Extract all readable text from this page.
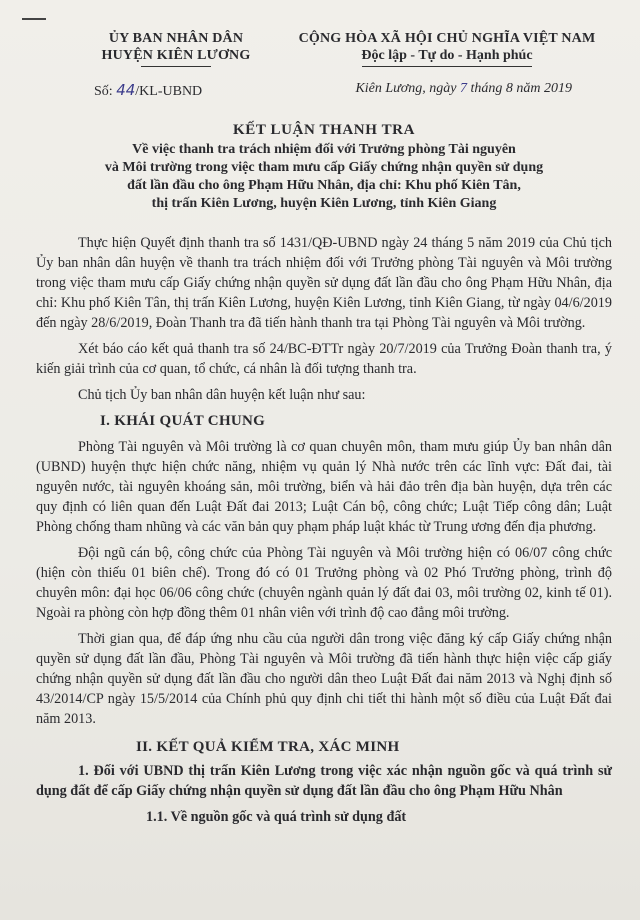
ỦY BAN NHÂN DÂN
HUYỆN KIÊN LƯƠNG
CỘNG HÒA XÃ HỘI CHỦ NGHĨA VIỆT NAM
Độc lập - Tự do - Hạnh phúc
Số: 44/KL-UBND	Kiên Lương, ngày 7 tháng 8 năm 2019
KẾT LUẬN THANH TRA
Về việc thanh tra trách nhiệm đối với Trưởng phòng Tài nguyên
và Môi trường trong việc tham mưu cấp Giấy chứng nhận quyền sử dụng
đất lần đầu cho ông Phạm Hữu Nhân, địa chỉ: Khu phố Kiên Tân,
thị trấn Kiên Lương, huyện Kiên Lương, tỉnh Kiên Giang

Thực hiện Quyết định thanh tra số 1431/QĐ-UBND ngày 24 tháng 5 năm 2019 của Chủ tịch Ủy ban nhân dân huyện về thanh tra trách nhiệm đối với Trưởng phòng Tài nguyên và Môi trường trong việc tham mưu cấp Giấy chứng nhận quyền sử dụng đất lần đầu cho ông Phạm Hữu Nhân, địa chỉ: Khu phố Kiên Tân, thị trấn Kiên Lương, huyện Kiên Lương, tỉnh Kiên Giang, từ ngày 04/6/2019 đến ngày 28/6/2019, Đoàn Thanh tra đã tiến hành thanh tra tại Phòng Tài nguyên và Môi trường.

Xét báo cáo kết quả thanh tra số 24/BC-ĐTTr ngày 20/7/2019 của Trưởng Đoàn thanh tra, ý kiến giải trình của cơ quan, tổ chức, cá nhân là đối tượng thanh tra.

Chủ tịch Ủy ban nhân dân huyện kết luận như sau:

I. KHÁI QUÁT CHUNG

Phòng Tài nguyên và Môi trường là cơ quan chuyên môn, tham mưu giúp Ủy ban nhân dân (UBND) huyện thực hiện chức năng, nhiệm vụ quản lý Nhà nước trên các lĩnh vực: Đất đai, tài nguyên nước, tài nguyên khoáng sản, môi trường, biển và hải đảo trên địa bàn huyện, dựa trên các quy định có liên quan đến Luật Đất đai 2013; Luật Cán bộ, công chức; Luật Tiếp công dân; Luật Phòng chống tham nhũng và các văn bản quy phạm pháp luật khác từ Trung ương đến địa phương.

Đội ngũ cán bộ, công chức của Phòng Tài nguyên và Môi trường hiện có 06/07 công chức (hiện còn thiếu 01 biên chế). Trong đó có 01 Trưởng phòng và 02 Phó Trưởng phòng, trình độ chuyên môn: đại học 06/06 công chức (chuyên ngành quản lý đất đai 03, môi trường 02, kinh tế 01). Ngoài ra phòng còn hợp đồng thêm 01 nhân viên với trình độ cao đẳng môi trường.

Thời gian qua, để đáp ứng nhu cầu của người dân trong việc đăng ký cấp Giấy chứng nhận quyền sử dụng đất lần đầu, Phòng Tài nguyên và Môi trường đã tiến hành thực hiện việc cấp giấy chứng nhận quyền sử dụng đất lần đầu cho người dân theo Luật Đất đai năm 2013 và Nghị định số 43/2014/CP ngày 15/5/2014 của Chính phủ quy định chi tiết thi hành một số điều của Luật Đất đai năm 2013.

II. KẾT QUẢ KIỂM TRA, XÁC MINH

1. Đối với UBND thị trấn Kiên Lương trong việc xác nhận nguồn gốc và quá trình sử dụng đất để cấp Giấy chứng nhận quyền sử dụng đất lần đầu cho ông Phạm Hữu Nhân

1.1. Về nguồn gốc và quá trình sử dụng đất
